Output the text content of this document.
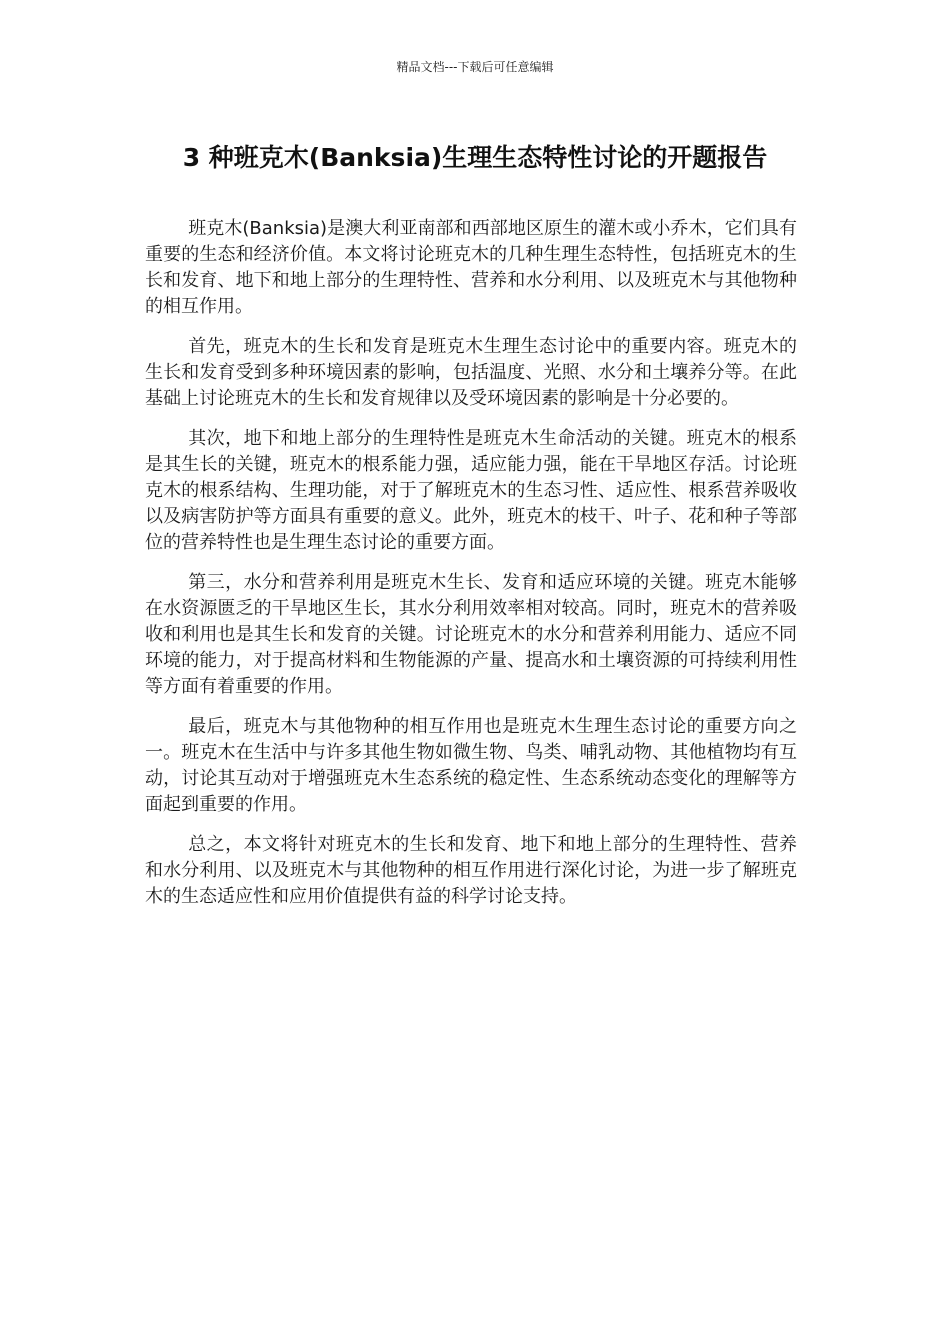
精品文档---下载后可任意编辑
3 种班克木(Banksia)生理生态特性讨论的开题报告

班克木(Banksia)是澳大利亚南部和西部地区原生的灌木或小乔木，它们具有重要的生态和经济价值。本文将讨论班克木的几种生理生态特性，包括班克木的生长和发育、地下和地上部分的生理特性、营养和水分利用、以及班克木与其他物种的相互作用。

首先，班克木的生长和发育是班克木生理生态讨论中的重要内容。班克木的生长和发育受到多种环境因素的影响，包括温度、光照、水分和土壤养分等。在此基础上讨论班克木的生长和发育规律以及受环境因素的影响是十分必要的。

其次，地下和地上部分的生理特性是班克木生命活动的关键。班克木的根系是其生长的关键，班克木的根系能力强，适应能力强，能在干旱地区存活。讨论班克木的根系结构、生理功能，对于了解班克木的生态习性、适应性、根系营养吸收以及病害防护等方面具有重要的意义。此外，班克木的枝干、叶子、花和种子等部位的营养特性也是生理生态讨论的重要方面。

第三，水分和营养利用是班克木生长、发育和适应环境的关键。班克木能够在水资源匮乏的干旱地区生长，其水分利用效率相对较高。同时，班克木的营养吸收和利用也是其生长和发育的关键。讨论班克木的水分和营养利用能力、适应不同环境的能力，对于提高材料和生物能源的产量、提高水和土壤资源的可持续利用性等方面有着重要的作用。

最后，班克木与其他物种的相互作用也是班克木生理生态讨论的重要方向之一。班克木在生活中与许多其他生物如微生物、鸟类、哺乳动物、其他植物均有互动，讨论其互动对于增强班克木生态系统的稳定性、生态系统动态变化的理解等方面起到重要的作用。

总之，本文将针对班克木的生长和发育、地下和地上部分的生理特性、营养和水分利用、以及班克木与其他物种的相互作用进行深化讨论，为进一步了解班克木的生态适应性和应用价值提供有益的科学讨论支持。
